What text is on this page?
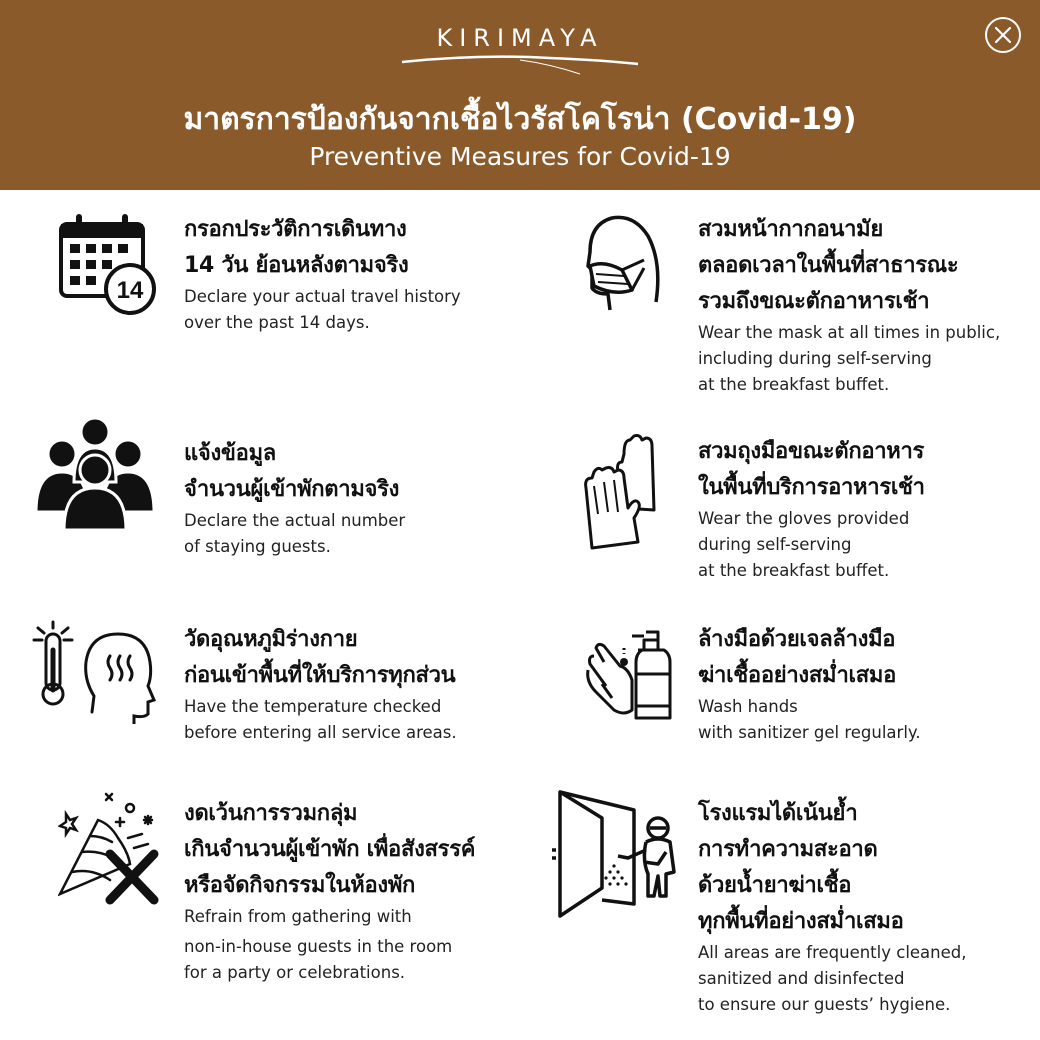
KIRIMAYA
มาตรการป้องกันจากเชื้อไวรัสโคโรน่า (Covid-19)
Preventive Measures for Covid-19
14
กรอกประวัติการเดินทาง
14 วัน ย้อนหลังตามจริง
Declare your actual travel history
over the past 14 days.
สวมหน้ากากอนามัย
ตลอดเวลาในพื้นที่สาธารณะ
รวมถึงขณะตักอาหารเช้า
Wear the mask at all times in public,
including during self-serving
at the breakfast buffet.
แจ้งข้อมูล
จำนวนผู้เข้าพักตามจริง
Declare the actual number
of staying guests.
สวมถุงมือขณะตักอาหาร
ในพื้นที่บริการอาหารเช้า
Wear the gloves provided
during self-serving
at the breakfast buffet.
วัดอุณหภูมิร่างกาย
ก่อนเข้าพื้นที่ให้บริการทุกส่วน
Have the temperature checked
before entering all service areas.
ล้างมือด้วยเจลล้างมือ
ฆ่าเชื้ออย่างสม่ำเสมอ
Wash hands
with sanitizer gel regularly.
งดเว้นการรวมกลุ่ม
เกินจำนวนผู้เข้าพัก เพื่อสังสรรค์
หรือจัดกิจกรรมในห้องพัก
Refrain from gathering with
non-in-house guests in the room
for a party or celebrations.
โรงแรมได้เน้นย้ำ
การทำความสะอาด
ด้วยน้ำยาฆ่าเชื้อ
ทุกพื้นที่อย่างสม่ำเสมอ
All areas are frequently cleaned,
sanitized and disinfected
to ensure our guests’ hygiene.
